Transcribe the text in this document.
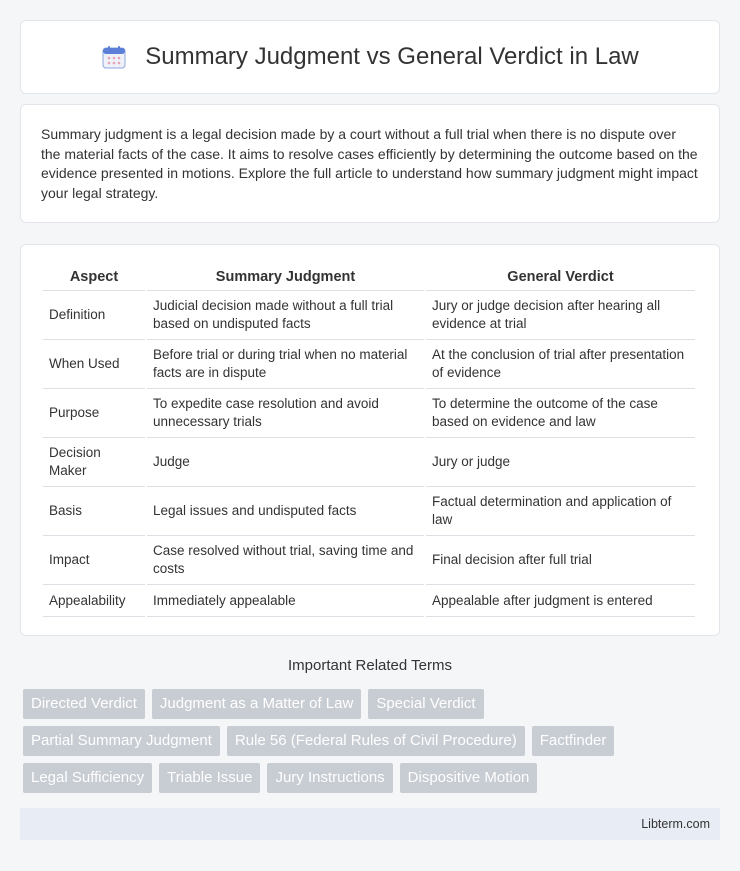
Summary Judgment vs General Verdict in Law

Summary judgment is a legal decision made by a court without a full trial when there is no dispute over the material facts of the case. It aims to resolve cases efficiently by determining the outcome based on the evidence presented in motions. Explore the full article to understand how summary judgment might impact your legal strategy.

Aspect	Summary Judgment	General Verdict
Definition	Judicial decision made without a full trial based on undisputed facts	Jury or judge decision after hearing all evidence at trial
When Used	Before trial or during trial when no material facts are in dispute	At the conclusion of trial after presentation of evidence
Purpose	To expedite case resolution and avoid unnecessary trials	To determine the outcome of the case based on evidence and law
Decision Maker	Judge	Jury or judge
Basis	Legal issues and undisputed facts	Factual determination and application of law
Impact	Case resolved without trial, saving time and costs	Final decision after full trial
Appealability	Immediately appealable	Appealable after judgment is entered
Important Related Terms
Directed Verdict	Judgment as a Matter of Law	Special Verdict
Partial Summary Judgment	Rule 56 (Federal Rules of Civil Procedure)	Factfinder
Legal Sufficiency	Triable Issue	Jury Instructions	Dispositive Motion
Libterm.com
